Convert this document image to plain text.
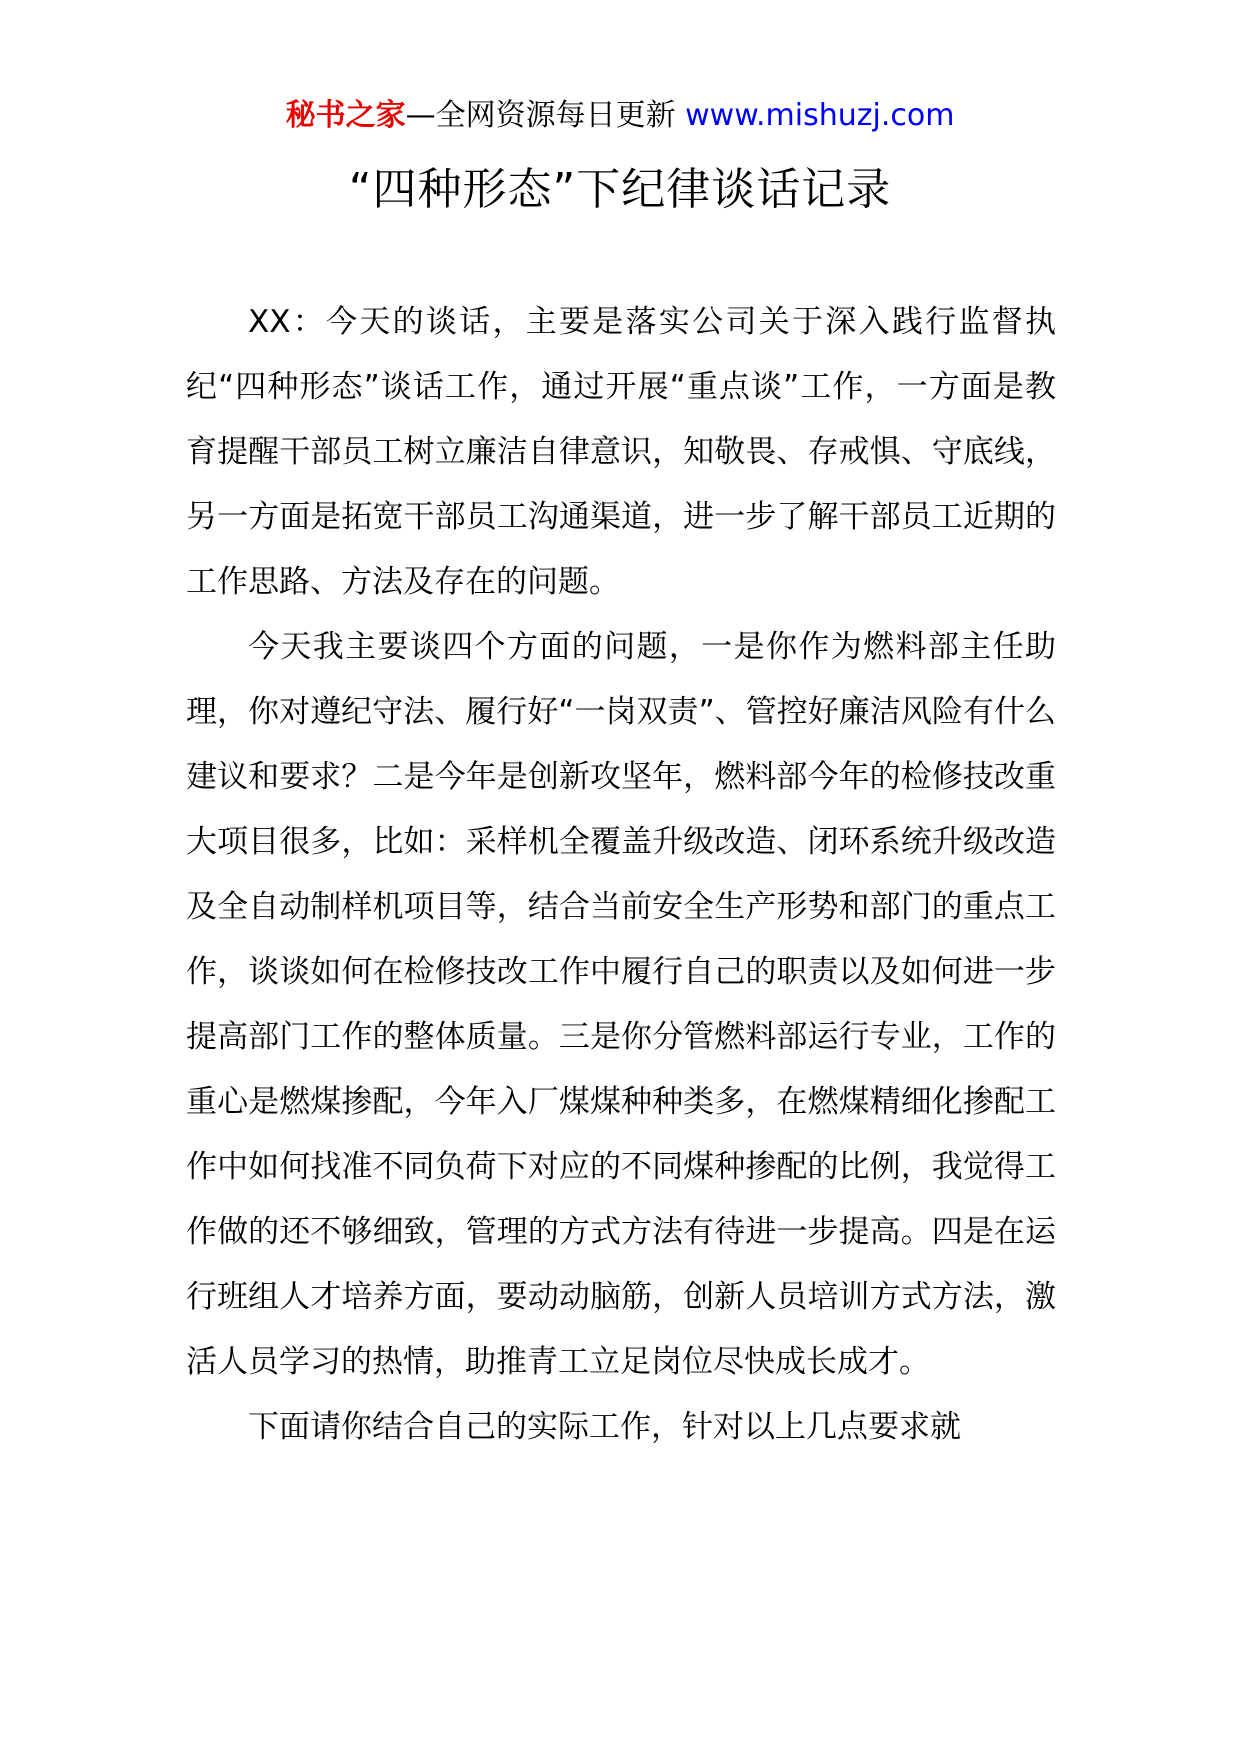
秘书之家—全网资源每日更新 www.mishuzj.com
“四种形态”下纪律谈话记录

XX：今天的谈话，主要是落实公司关于深入践行监督执纪“四种形态”谈话工作，通过开展“重点谈”工作，一方面是教育提醒干部员工树立廉洁自律意识，知敬畏、存戒惧、守底线，另一方面是拓宽干部员工沟通渠道，进一步了解干部员工近期的工作思路、方法及存在的问题。

今天我主要谈四个方面的问题，一是你作为燃料部主任助理，你对遵纪守法、履行好“一岗双责”、管控好廉洁风险有什么建议和要求？二是今年是创新攻坚年，燃料部今年的检修技改重大项目很多，比如：采样机全覆盖升级改造、闭环系统升级改造及全自动制样机项目等，结合当前安全生产形势和部门的重点工作，谈谈如何在检修技改工作中履行自己的职责以及如何进一步提高部门工作的整体质量。三是你分管燃料部运行专业，工作的重心是燃煤掺配，今年入厂煤煤种种类多，在燃煤精细化掺配工作中如何找准不同负荷下对应的不同煤种掺配的比例，我觉得工作做的还不够细致，管理的方式方法有待进一步提高。四是在运行班组人才培养方面，要动动脑筋，创新人员培训方式方法，激活人员学习的热情，助推青工立足岗位尽快成长成才。

下面请你结合自己的实际工作，针对以上几点要求就
